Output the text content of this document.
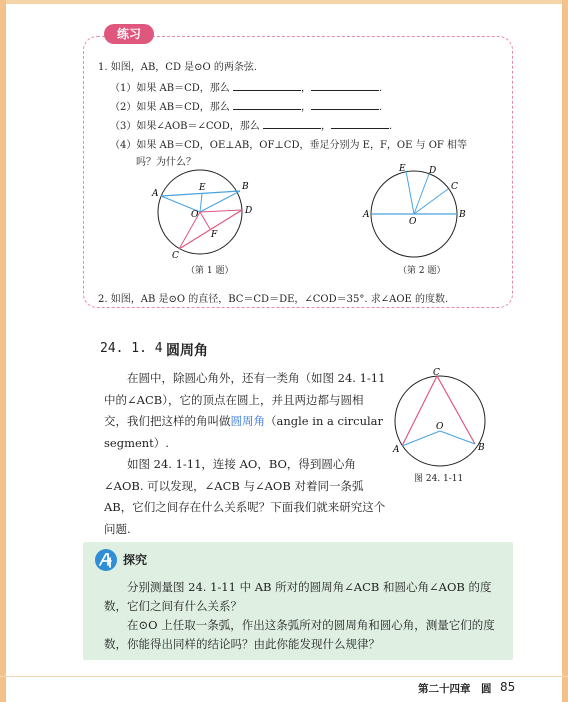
练习
1. 如图，AB，CD 是⊙O 的两条弦.
（1）如果 AB＝CD，那么	，	.
（2）如果 AB＝CD，那么	，	.
（3）如果∠AOB＝∠COD，那么	，	.
（4）如果 AB＝CD，OE⊥AB，OF⊥CD，垂足分别为 E，F，OE 与 OF 相等
吗？为什么？
A
B
C
D
E
F
O
（第 1 题）
A	B
C
D
E
O
（第 2 题）
2. 如图，AB 是⊙O 的直径，BC＝CD＝DE，∠COD＝35°. 求∠AOE 的度数.
24. 1. 4 圆周角

在圆中，除圆心角外，还有一类角（如图 24. 1-11 中的∠ACB），它的顶点在圆上，并且两边都与圆相交，我们把这样的角叫做圆周角（angle in a circular segment）.

如图 24. 1-11，连接 AO，BO，得到圆心角∠AOB. 可以发现，∠ACB 与∠AOB 对着同一条弧 AB，它们之间存在什么关系呢？下面我们就来研究这个问题.

C
A	B
O
图 24. 1-11
探究

分别测量图 24. 1-11 中 AB 所对的圆周角∠ACB 和圆心角∠AOB 的度数，它们之间有什么关系？

在⊙O 上任取一条弧，作出这条弧所对的圆周角和圆心角，测量它们的度数，你能得出同样的结论吗？由此你能发现什么规律？

第二十四章　圆 85
